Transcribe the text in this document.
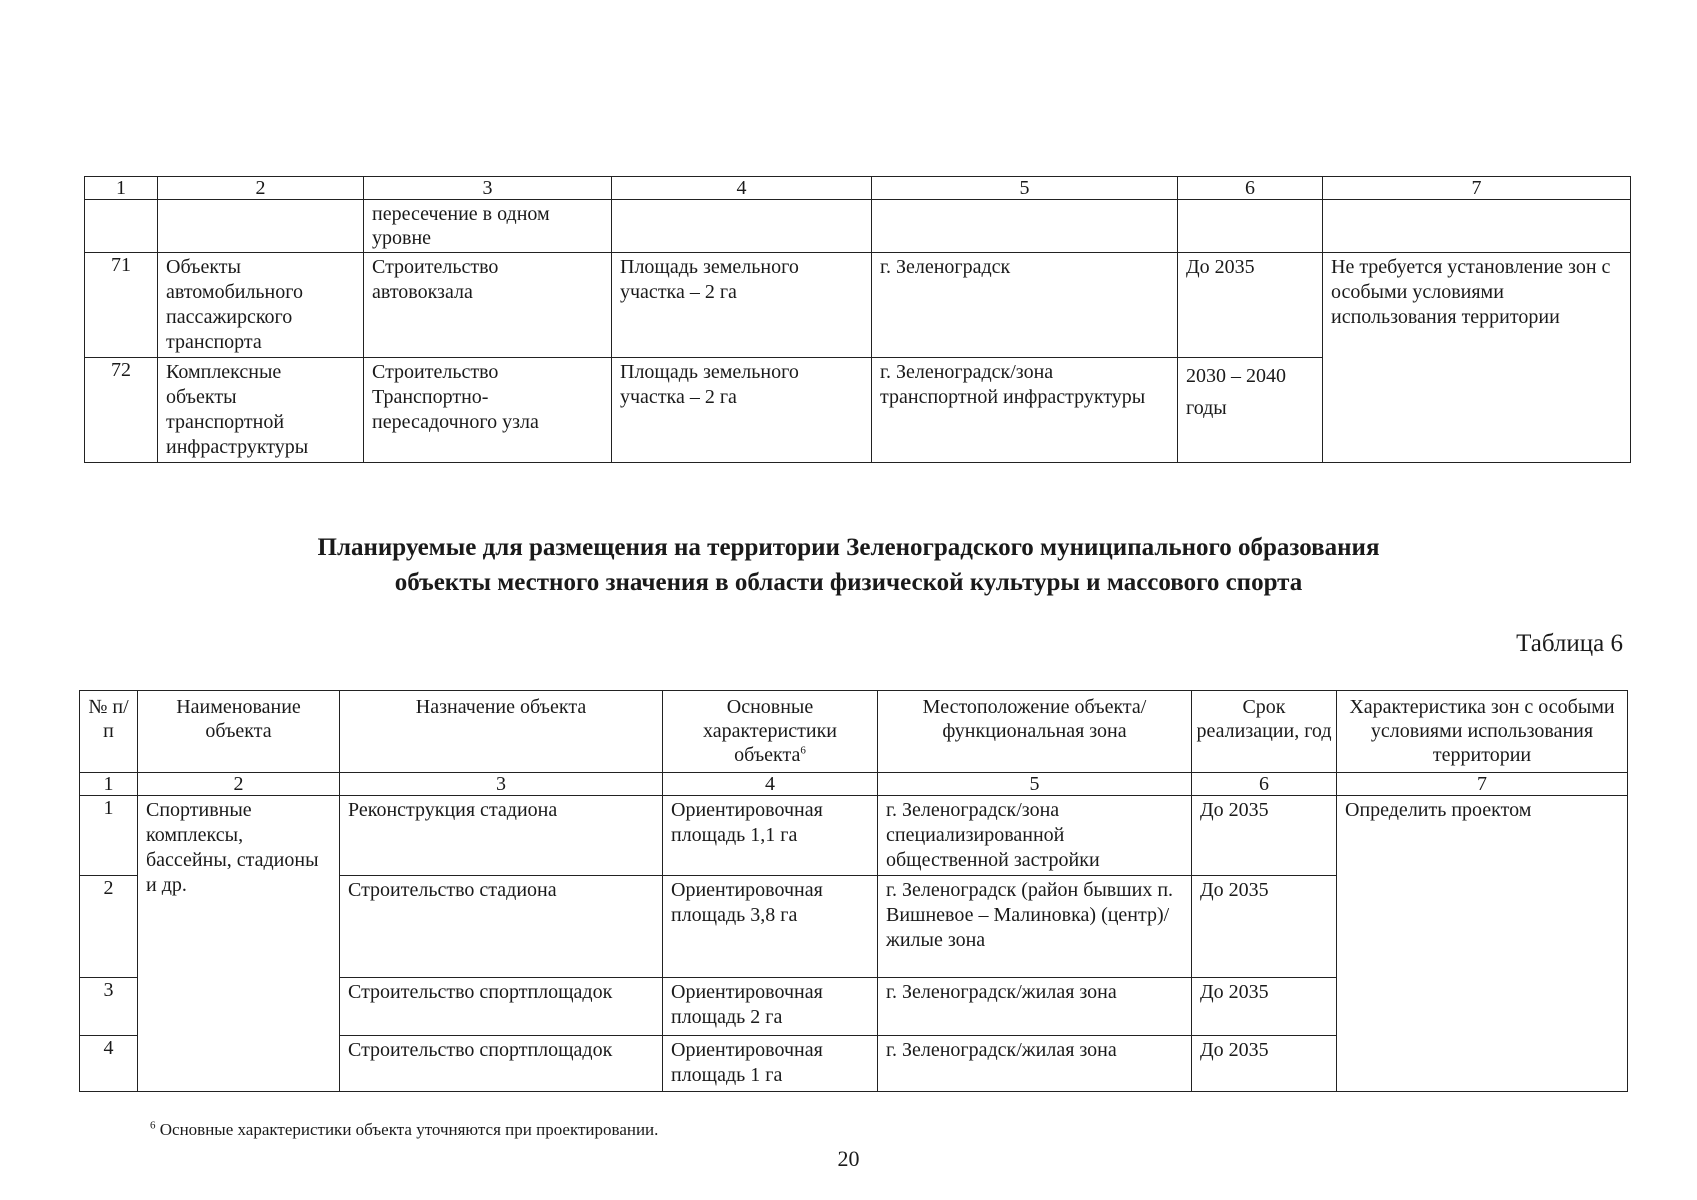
1	2	3	4	5	6	7
		пересечение в одном уровне				
71	Объекты автомобильного пассажирского транспорта	Строительство автовокзала	Площадь земельного участка – 2 га	г. Зеленоградск	До 2035	Не требуется установление зон с особыми условиями использования территории
72	Комплексные объекты транспортной инфраструктуры	Строительство Транспортно-пересадочного узла	Площадь земельного участка – 2 га	г. Зеленоградск/зона транспортной инфраструктуры	2030 – 2040 годы	
Планируемые для размещения на территории Зеленоградского муниципального образования
объекты местного значения в области физической культуры и массового спорта
Таблица 6
№ п/п	Наименование объекта	Назначение объекта	Основные характеристики объекта$^6$	Местоположение объекта/функциональная зона	Срок реализации, год	Характеристика зон с особыми условиями использования территории
1	2	3	4	5	6	7
1	Спортивные комплексы, бассейны, стадионы и др.	Реконструкция стадиона	Ориентировочная площадь 1,1 га	г. Зеленоградск/зона специализированной общественной застройки	До 2035	Определить проектом
2		Строительство стадиона	Ориентировочная площадь 3,8 га	г. Зеленоградск (район бывших п. Вишневое – Малиновка) (центр)/жилые зона	До 2035	
3		Строительство спортплощадок	Ориентировочная площадь 2 га	г. Зеленоградск/жилая зона	До 2035	
4		Строительство спортплощадок	Ориентировочная площадь 1 га	г. Зеленоградск/жилая зона	До 2035	
$^6$ Основные характеристики объекта уточняются при проектировании.
20
